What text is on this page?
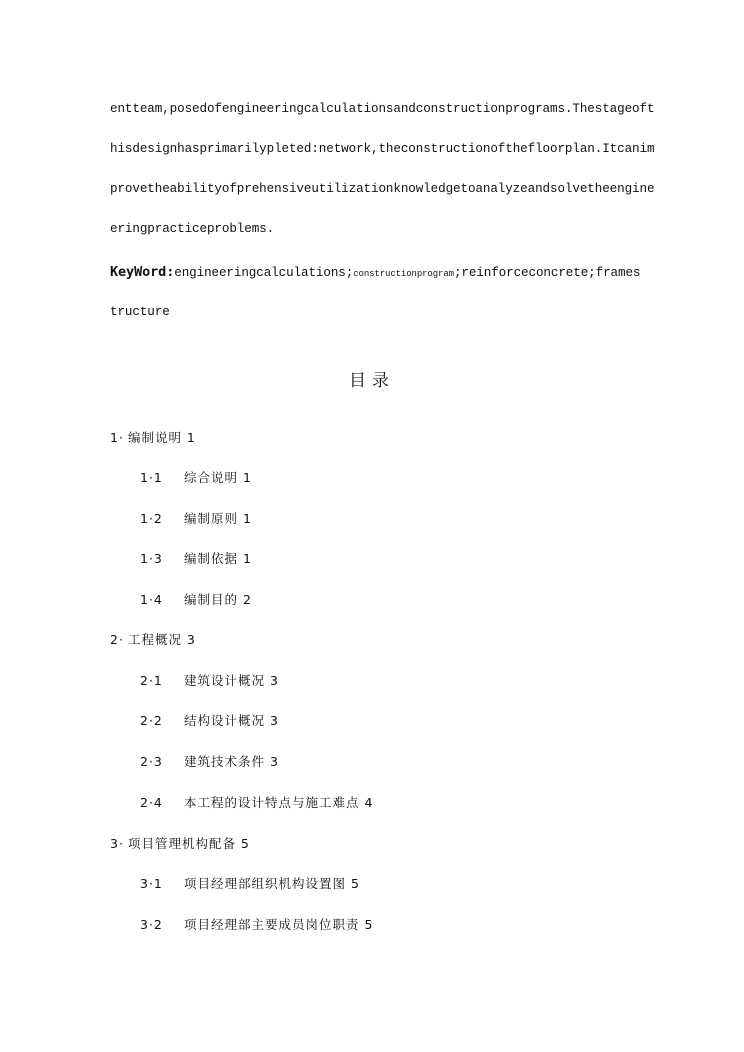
entteam,posedofengineeringcalculationsandconstructionprograms.Thestageoft
hisdesignhasprimarilypleted:network,theconstructionofthefloorplan.Itcanim
provetheabilityofprehensiveutilizationknowledgetoanalyzeandsolvetheengine
eringpracticeproblems.
KeyWord:engineeringcalculations;constructionprogram;reinforceconcrete;frames
tructure
目录
1· 编制说明 1
1·1 综合说明 1
1·2 编制原则 1
1·3 编制依据 1
1·4 编制目的 2
2· 工程概况 3
2·1 建筑设计概况 3
2·2 结构设计概况 3
2·3 建筑技术条件 3
2·4 本工程的设计特点与施工难点 4
3· 项目管理机构配备 5
3·1 项目经理部组织机构设置图 5
3·2 项目经理部主要成员岗位职责 5
